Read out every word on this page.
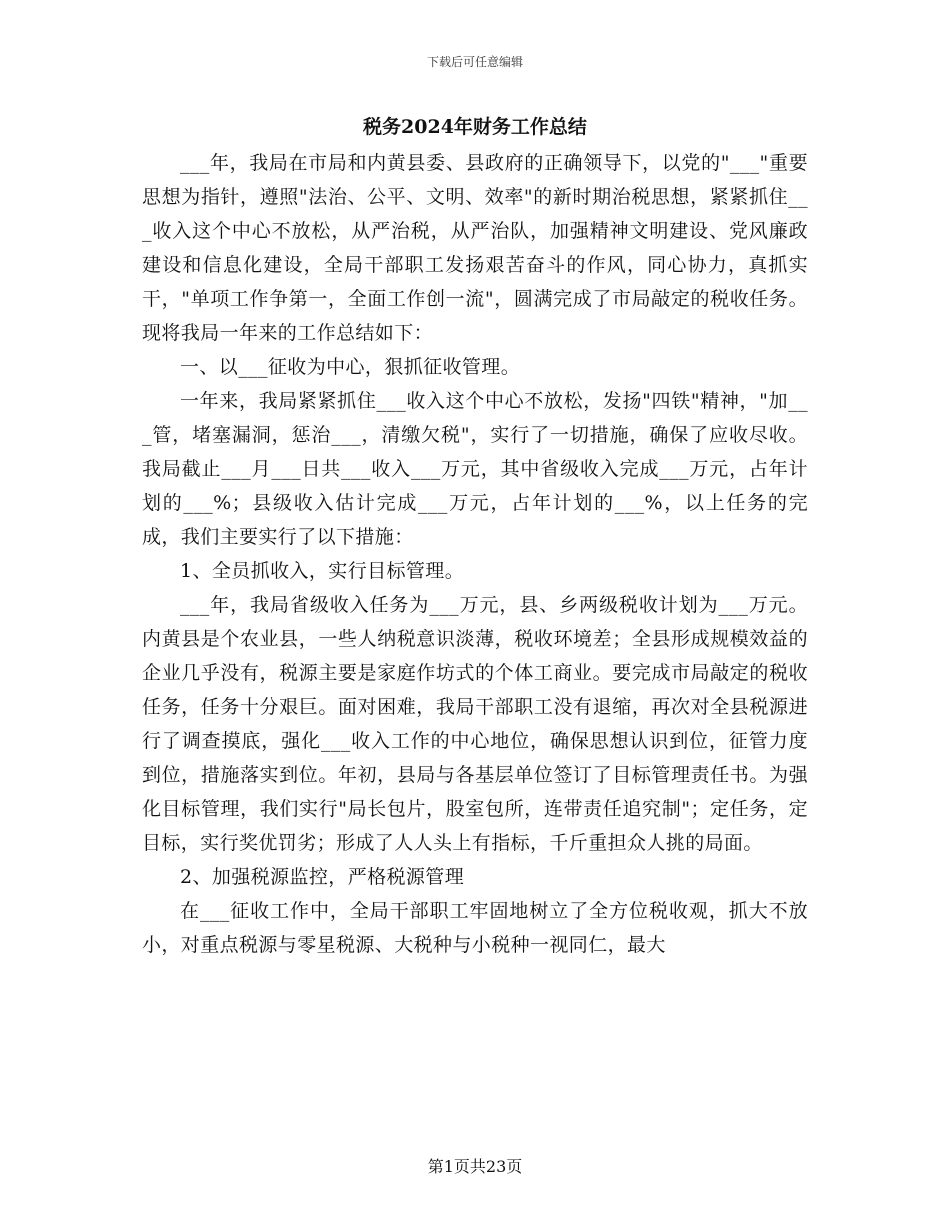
下载后可任意编辑
税务2024年财务工作总结

___年，我局在市局和内黄县委、县政府的正确领导下，以党的"___"重要思想为指针，遵照"法治、公平、文明、效率"的新时期治税思想，紧紧抓住___收入这个中心不放松，从严治税，从严治队，加强精神文明建设、党风廉政建设和信息化建设，全局干部职工发扬艰苦奋斗的作风，同心协力，真抓实干，"单项工作争第一，全面工作创一流"，圆满完成了市局敲定的税收任务。现将我局一年来的工作总结如下：

一、以___征收为中心，狠抓征收管理。

一年来，我局紧紧抓住___收入这个中心不放松，发扬"四铁"精神，"加___管，堵塞漏洞，惩治___，清缴欠税"，实行了一切措施，确保了应收尽收。我局截止___月___日共___收入___万元，其中省级收入完成___万元，占年计划的___%；县级收入估计完成___万元，占年计划的___%，以上任务的完成，我们主要实行了以下措施：

1、全员抓收入，实行目标管理。

___年，我局省级收入任务为___万元，县、乡两级税收计划为___万元。内黄县是个农业县，一些人纳税意识淡薄，税收环境差；全县形成规模效益的企业几乎没有，税源主要是家庭作坊式的个体工商业。要完成市局敲定的税收任务，任务十分艰巨。面对困难，我局干部职工没有退缩，再次对全县税源进行了调查摸底，强化___收入工作的中心地位，确保思想认识到位，征管力度到位，措施落实到位。年初，县局与各基层单位签订了目标管理责任书。为强化目标管理，我们实行"局长包片，股室包所，连带责任追究制"；定任务，定目标，实行奖优罚劣；形成了人人头上有指标，千斤重担众人挑的局面。

2、加强税源监控，严格税源管理

在___征收工作中，全局干部职工牢固地树立了全方位税收观，抓大不放小，对重点税源与零星税源、大税种与小税种一视同仁，最大

第1页共23页
